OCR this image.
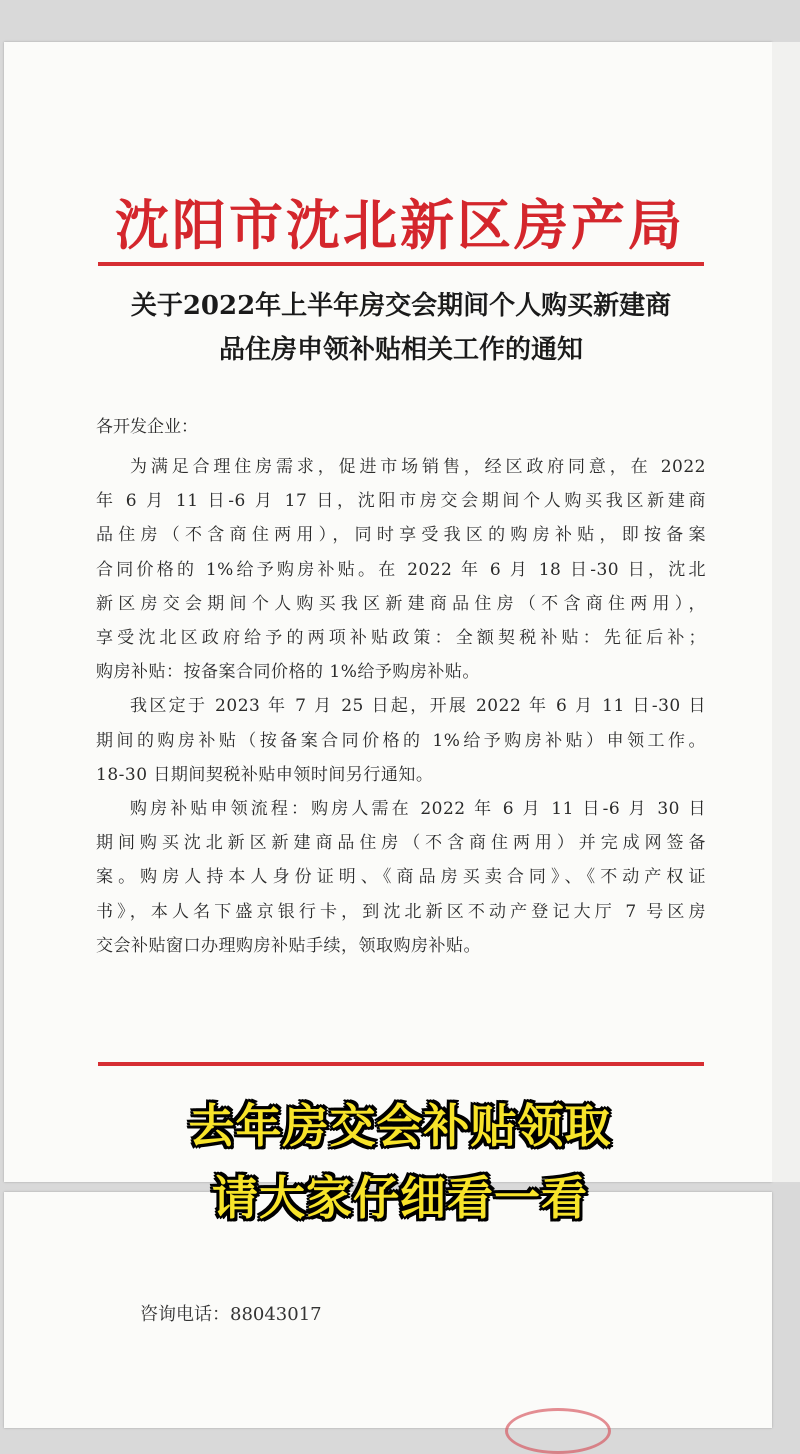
沈阳市沈北新区房产局
关于2022年上半年房交会期间个人购买新建商
品住房申领补贴相关工作的通知
各开发企业：

为满足合理住房需求，促进市场销售，经区政府同意，在 2022
年 6 月 11 日-6 月 17 日，沈阳市房交会期间个人购买我区新建商
品住房（不含商住两用），同时享受我区的购房补贴，即按备案
合同价格的 1%给予购房补贴。在 2022 年 6 月 18 日-30 日，沈北
新区房交会期间个人购买我区新建商品住房（不含商住两用），
享受沈北区政府给予的两项补贴政策：全额契税补贴：先征后补；
购房补贴：按备案合同价格的 1%给予购房补贴。

我区定于 2023 年 7 月 25 日起，开展 2022 年 6 月 11 日-30 日
期间的购房补贴（按备案合同价格的 1%给予购房补贴）申领工作。
18-30 日期间契税补贴申领时间另行通知。

购房补贴申领流程：购房人需在 2022 年 6 月 11 日-6 月 30 日
期间购买沈北新区新建商品住房（不含商住两用）并完成网签备
案。购房人持本人身份证明、《商品房买卖合同》、《不动产权证
书》，本人名下盛京银行卡，到沈北新区不动产登记大厅 7 号区房
交会补贴窗口办理购房补贴手续，领取购房补贴。

去年房交会补贴领取
请大家仔细看一看
咨询电话：88043017
